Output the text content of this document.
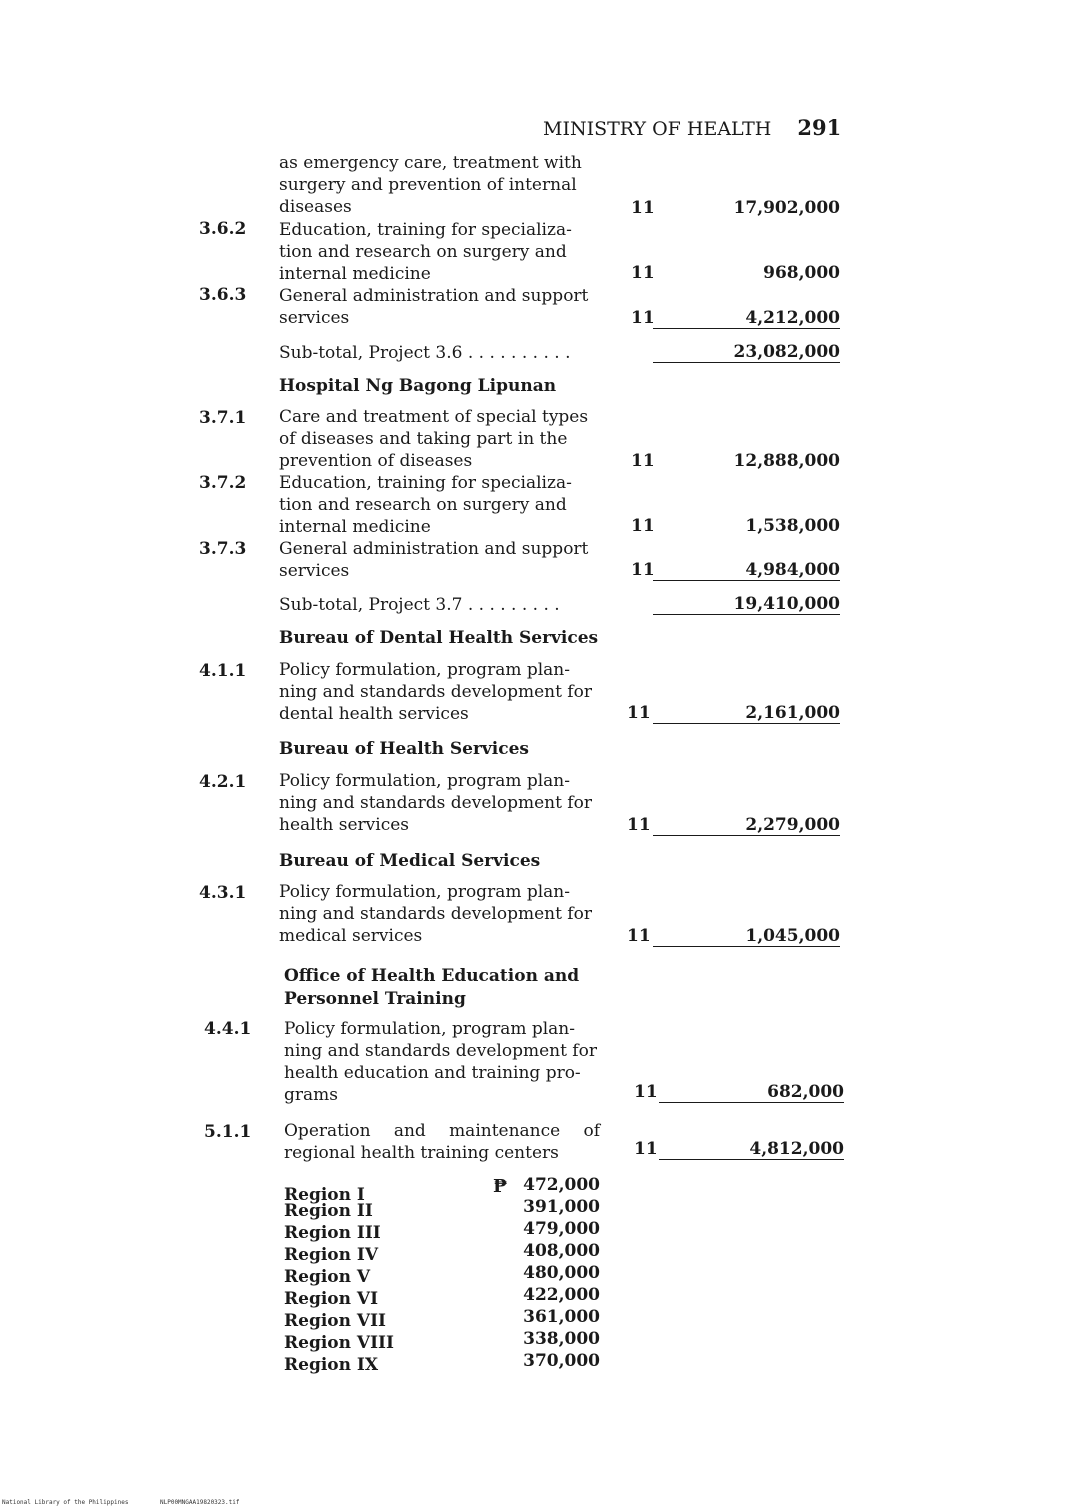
MINISTRY OF HEALTH 291
as emergency care, treatment with
surgery and prevention of internal
diseases	11	17,902,000
3.6.2 Education, training for specializa-
tion and research on surgery and
internal medicine	11	968,000
3.6.3 General administration and support
services	11	4,212,000
Sub-total, Project 3.6 . . . . . . . . . .	23,082,000
Hospital Ng Bagong Lipunan
3.7.1 Care and treatment of special types
of diseases and taking part in the
prevention of diseases	11	12,888,000
3.7.2 Education, training for specializa-
tion and research on surgery and
internal medicine	11	1,538,000
3.7.3 General administration and support
services	11	4,984,000
Sub-total, Project 3.7 . . . . . . . . .	19,410,000
Bureau of Dental Health Services
4.1.1 Policy formulation, program plan-
ning and standards development for
dental health services	11	2,161,000
Bureau of Health Services
4.2.1 Policy formulation, program plan-
ning and standards development for
health services	11	2,279,000
Bureau of Medical Services
4.3.1 Policy formulation, program plan-
ning and standards development for
medical services	11	1,045,000
Office of Health Education and
Personnel Training
4.4.1 Policy formulation, program plan-
ning and standards development for
health education and training pro-
grams	11	682,000
5.1.1 Operation and maintenance of
regional health training centers	11	4,812,000
₱
Region I	472,000
Region II	391,000
Region III	479,000
Region IV	408,000
Region V	480,000
Region VI	422,000
Region VII	361,000
Region VIII	338,000
Region IX	370,000
National Library of the Philippines	NLP00MNGAA19820323.tif
